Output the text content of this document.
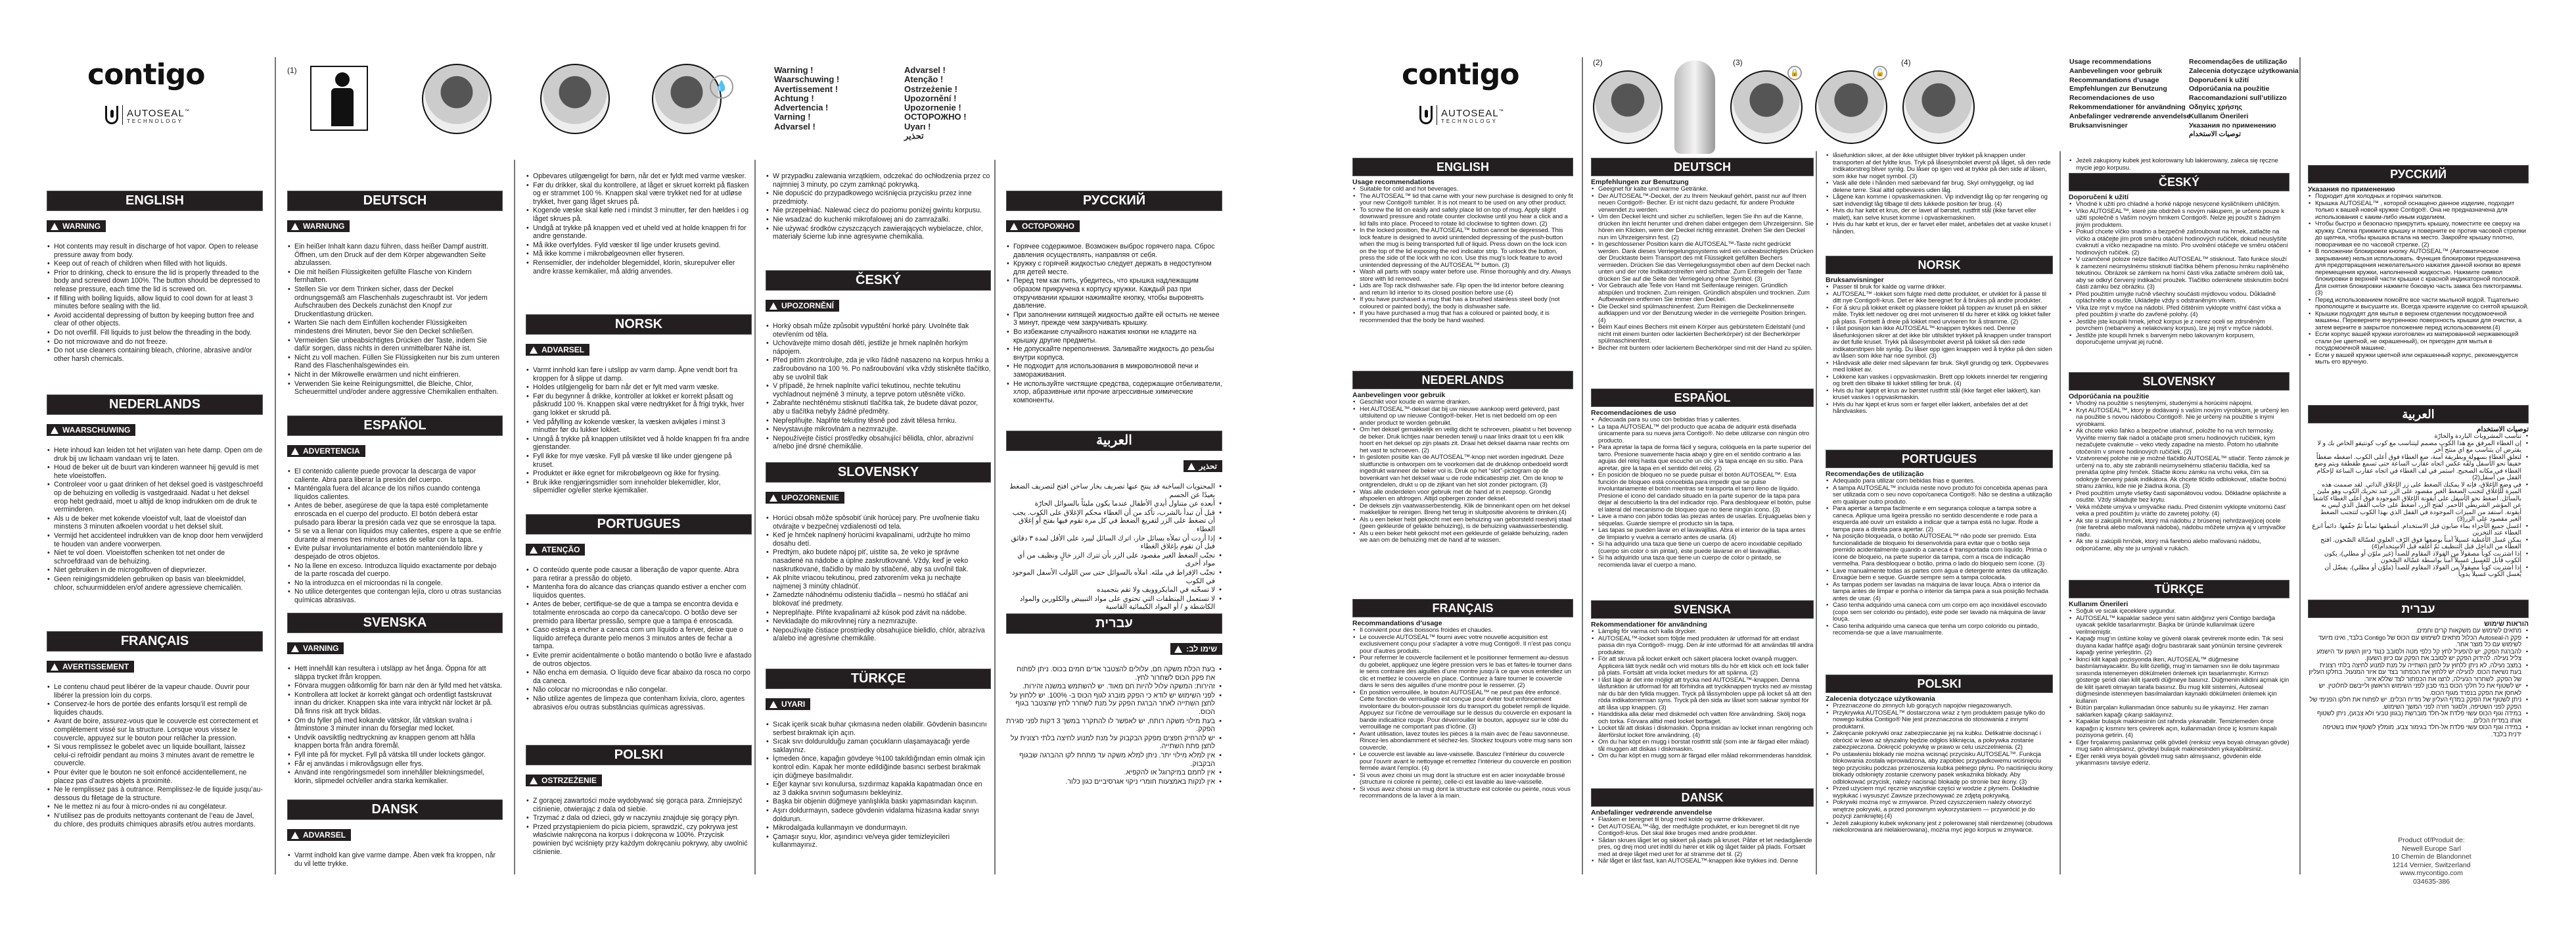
contigo
AUTOSEAL™
TECHNOLOGY
(1)
💧
Warning !
Waarschuwing !
Avertissement !
Achtung !
Advertencia !
Varning !
Advarsel !
Advarsel !
Atenção !
Ostrzeżenie !
Upozornění !
Upozornenie !
ОСТОРОЖНО !
Uyarı !
تحذير
contigo
AUTOSEAL™
TECHNOLOGY
(2)	(3)
🔒	🔓
(4)	Usage recommendations
Aanbevelingen voor gebruik
Recommandations d’usage
Empfehlungen zur Benutzung
Recomendaciones de uso
Rekommendationer för användning
Anbefalinger vedrørende anvendelse
Bruksanvisninger
Recomendações de utilização
Zalecenia dotyczące użytkowania
Doporučení k užití
Odporúčania na použitie
Raccomandazioni sull’utilizzo
Οδηγίες χρήσης
Kullanım Önerileri
Указания по применению
توصيات الاستخدام
ENGLISH
WARNING
• Hot contents may result in discharge of hot vapor. Open to release pressure away from body.
• Keep out of reach of children when filled with hot liquids.
• Prior to drinking, check to ensure the lid is properly threaded to the body and screwed down 100%. The button should be depressed to release pressure, each time the lid is screwed on.
• If filling with boiling liquids, allow liquid to cool down for at least 3 minutes before sealing with the lid.
• Avoid accidental depressing of button by keeping button free and clear of other objects.
• Do not overfill. Fill liquids to just below the threading in the body.
• Do not microwave and do not freeze.
• Do not use cleaners containing bleach, chlorine, abrasive and/or other harsh chemicals.
NEDERLANDS
WAARSCHUWING
• Hete inhoud kan leiden tot het vrijlaten van hete damp. Open om de druk bij uw lichaam vandaan vrij te laten.
• Houd de beker uit de buurt van kinderen wanneer hij gevuld is met hete vloeistoffen.
• Controleer voor u gaat drinken of het deksel goed is vastgeschroefd op de behuizing en volledig is vastgedraaid. Nadat u het deksel erop hebt gedraaid, moet u altijd de knop indrukken om de druk te verminderen.
• Als u de beker met kokende vloeistof vult, laat de vloeistof dan minstens 3 minuten afkoelen voordat u het deksel sluit.
• Vermijd het accidenteel indrukken van de knop door hem verwijderd te houden van andere voorwerpen.
• Niet te vol doen. Vloeistoffen schenken tot net onder de schroefdraad van de behuizing.
• Niet gebruiken in de microgolfoven of diepvriezer.
• Geen reinigingsmiddelen gebruiken op basis van bleekmiddel, chloor, schuurmiddelen en/of andere agressieve chemicaliën.
FRANÇAIS
AVERTISSEMENT
• Le contenu chaud peut libérer de la vapeur chaude. Ouvrir pour libérer la pression loin du corps.
• Conservez-le hors de portée des enfants lorsqu’il est rempli de liquides chauds.
• Avant de boire, assurez-vous que le couvercle est correctement et complètement vissé sur la structure. Lorsque vous vissez le couvercle, appuyez sur le bouton pour relâcher la pression.
• Si vous remplissez le gobelet avec un liquide bouillant, laissez celui-ci refroidir pendant au moins 3 minutes avant de remettre le couvercle.
• Pour éviter que le bouton ne soit enfoncé accidentellement, ne placez pas d’autres objets à proximité.
• Ne le remplissez pas à outrance. Remplissez-le de liquide jusqu’au-dessous du filetage de la structure.
• Ne le mettez ni au four à micro-ondes ni au congélateur.
• N’utilisez pas de produits nettoyants contenant de l’eau de Javel, du chlore, des produits chimiques abrasifs et/ou autres mordants.
DEUTSCH
WARNUNG
• Ein heißer Inhalt kann dazu führen, dass heißer Dampf austritt. Öffnen, um den Druck auf der dem Körper abgewandten Seite abzulassen.
• Die mit heißen Flüssigkeiten gefüllte Flasche von Kindern fernhalten.
• Stellen Sie vor dem Trinken sicher, dass der Deckel ordnungsgemäß am Flaschenhals zugeschraubt ist. Vor jedem Aufschrauben des Deckels zunächst den Knopf zur Druckentlastung drücken.
• Warten Sie nach dem Einfüllen kochender Flüssigkeiten mindestens drei Minuten, bevor Sie den Deckel schließen.
• Vermeiden Sie unbeabsichtigtes Drücken der Taste, indem Sie dafür sorgen, dass nichts in deren unmittelbarer Nähe ist.
• Nicht zu voll machen. Füllen Sie Flüssigkeiten nur bis zum unteren Rand des Flaschenhalsgewindes ein.
• Nicht in der Mikrowelle erwärmen und nicht einfrieren.
• Verwenden Sie keine Reinigungsmittel, die Bleiche, Chlor, Scheuermittel und/oder andere aggressive Chemikalien enthalten.
ESPAÑOL
ADVERTENCIA
• El contenido caliente puede provocar la descarga de vapor caliente. Abra para liberar la presión del cuerpo.
• Manténgala fuera del alcance de los niños cuando contenga líquidos calientes.
• Antes de beber, asegúrese de que la tapa esté completamente enroscada en el cuerpo del producto. El botón deberá estar pulsado para liberar la presión cada vez que se enrosque la tapa.
• Si se va a llenar con líquidos muy calientes, espere a que se enfríe durante al menos tres minutos antes de sellar con la tapa.
• Evite pulsar involuntariamente el botón manteniéndolo libre y despejado de otros objetos.
• No la llene en exceso. Introduzca líquido exactamente por debajo de la parte roscada del cuerpo.
• No la introduzca en el microondas ni la congele.
• No utilice detergentes que contengan lejía, cloro u otras sustancias químicas abrasivas.
SVENSKA
VARNING
• Hett innehåll kan resultera i utsläpp av het ånga. Öppna för att släppa trycket ifrån kroppen.
• Förvara muggen oåtkomlig för barn när den är fylld med het vätska.
• Kontrollera att locket är korrekt gängat och ordentligt fastskruvat innan du dricker. Knappen ska inte vara intryckt när locket är på. Då finns risk att tryck bildas.
• Om du fyller på med kokande vätskor, låt vätskan svalna i åtminstone 3 minuter innan du förseglar med locket.
• Undvik oavsiktlig nedtryckning av knappen genom att hålla knappen borta från andra föremål.
• Fyll inte på för mycket. Fyll på vätska till under lockets gängor.
• Får ej användas i mikrovågsugn eller frys.
• Använd inte rengöringsmedel som innehåller blekningsmedel, klorin, slipmedel och/eller andra starka kemikalier.
DANSK
ADVARSEL
• Varmt indhold kan give varme dampe. Åben væk fra kroppen, når du vil lette trykke.
• Opbevares utilgængeligt for børn, når det er fyldt med varme væsker.
• Før du drikker, skal du kontrollere, at låget er skruet korrekt på flasken og er strammet 100 %. Knappen skal være trykket ned for at udløse trykket, hver gang låget skrues på.
• Kogende væske skal køle ned i mindst 3 minutter, før den hældes i og låget skrues på.
• Undgå at trykke på knappen ved et uheld ved at holde knappen fri for andre genstande.
• Må ikke overfyldes. Fyld væsker til lige under krusets gevind.
• Må ikke komme i mikrobølgeovnen eller fryseren.
• Rensemidler, der indeholder blegemiddel, klorin, skurepulver eller andre krasse kemikalier, må aldrig anvendes.
NORSK
ADVARSEL
• Varmt innhold kan føre i utslipp av varm damp. Åpne vendt bort fra kroppen for å slippe ut damp.
• Holdes utilgjengelig for barn når det er fylt med varm væske.
• Før du begynner å drikke, kontroller at lokket er korrekt påsatt og påskrudd 100 %. Knappen skal være nedtrykket for å frigi trykk, hver gang lokket er skrudd på.
• Ved påfylling av kokende væsker, la væsken avkjøles i minst 3 minutter før du lukker lokket.
• Unngå å trykke på knappen utilsiktet ved å holde knappen fri fra andre gjenstander.
• Fyll ikke for mye væske. Fyll på væske til like under gjengene på kruset.
• Produktet er ikke egnet for mikrobølgeovn og ikke for frysing.
• Bruk ikke rengjøringsmidler som inneholder blekemidler, klor, slipemidler og/eller sterke kjemikalier.
PORTUGUES
ATENÇÃO
• O conteúdo quente pode causar a liberação de vapor quente. Abra para retirar a pressão do objeto.
• Mantenha fora do alcance das crianças quando estiver a encher com líquidos quentes.
• Antes de beber, certifique-se de que a tampa se encontra devida e totalmente enroscada ao corpo da caneca/copo. O botão deve ser premido para libertar pressão, sempre que a tampa é enroscada.
• Caso esteja a encher a caneca com um líquido a ferver, deixe que o líquido arrefeça durante pelo menos 3 minutos antes de fechar a tampa.
• Evite premir acidentalmente o botão mantendo o botão livre e afastado de outros objectos.
• Não encha em demasia. O líquido deve ficar abaixo da rosca no corpo da caneca.
• Não colocar no microondas e não congelar.
• Não utilize agentes de limpeza que contenham lixívia, cloro, agentes abrasivos e/ou outras substâncias químicas agressivas.
POLSKI
OSTRZEŻENIE
• Z gorącej zawartości może wydobywać się gorąca para. Zmniejszyć ciśnienie, otwierając z dala od siebie.
• Trzymać z dala od dzieci, gdy w naczyniu znajduje się gorący płyn.
• Przed przystąpieniem do picia piciem, sprawdzić, czy pokrywa jest właściwie nakręcona na korpus i dokręcona w 100%. Przycisk powinien być wciśnięty przy każdym dokręcaniu pokrywy, aby uwolnić ciśnienie.
• W przypadku zalewania wrzątkiem, odczekać do ochłodzenia przez co najmniej 3 minuty, po czym zamknąć pokrywką.
• Nie dopuścić do przypadkowego wciśnięcia przycisku przez inne przedmioty.
• Nie przepełniać. Nalewać ciecz do poziomu poniżej gwintu korpusu.
• Nie wsadzać do kuchenki mikrofalowej ani do zamrażalki.
• Nie używać środków czyszczących zawierających wybielacze, chlor, materiały ścierne lub inne agresywne chemikalia.
ČESKÝ
UPOZORNĚNÍ
• Horký obsah může způsobit vypuštění horké páry. Uvolněte tlak otevřením od těla.
• Uchovávejte mimo dosah dětí, jestliže je hrnek naplněn horkým nápojem.
• Před pitím zkontrolujte, zda je víko řádně nasazeno na korpus hrnku a zašroubováno na 100 %. Po našroubování víka vždy stiskněte tlačítko, aby se uvolnil tlak
• V případě, že hrnek naplníte vařící tekutinou, nechte tekutinu vychladnout nejméně 3 minuty, a teprve potom utěsněte víčko.
• Zabraňte nechtěnému stisknutí tlačítka tak, že budete dávat pozor, aby u tlačítka nebyly žádné předměty.
• Nepřeplňujte. Naplňte tekutiny těsně pod závit tělesa hrnku.
• Nevystavujte mikrovlnám a nezmrazujte.
• Nepoužívejte čisticí prostředky obsahující bělidla, chlor, abrazivní a/nebo jiné drsné chemikálie.
SLOVENSKY
UPOZORNENIE
• Horúci obsah môže spôsobiť únik horúcej pary. Pre uvoľnenie tlaku otvárajte v bezpečnej vzdialenosti od tela.
• Keď je hrnček naplnený horúcimi kvapalinami, udržujte ho mimo dosahu detí.
• Predtým, ako budete nápoj piť, uistite sa, že veko je správne nasadené na nádobe a úplne zaskrutkované. Vždy, keď je veko naskrutkované, tlačidlo by malo by stlačené, aby sa uvoľnil tlak.
• Ak plníte vriacou tekutinou, pred zatvorením veka ju nechajte najmenej 3 minúty chladnúť.
• Zamedzte náhodnému odisteniu tlačidla – nesmú ho stláčať ani blokovať iné predmety.
• Nepreplňajte. Plňte kvapalinami až kúsok pod závit na nádobe.
• Nevkladajte do mikrovlnnej rúry a nezmrazujte.
• Nepoužívajte čistiace prostriedky obsahujúce bielidlo, chlór, abrazíva a/alebo iné agresívne chemikálie.
TÜRKÇE
UYARI
• Sıcak içerik sıcak buhar çıkmasına neden olabilir. Gövdenin basıncını serbest bırakmak için açın.
• Sıcak sıvı doldurulduğu zaman çocukların ulaşamayacağı yerde saklayınız.
• İçmeden önce, kapağın gövdeye %100 takıldığından emin olmak için kontrol edin. Kapak her monte edildiğinde basıncı serbest bırakmak için düğmeye basılmalıdır.
• Eğer kaynar sıvı konulursa, sızdırmaz kapakla kapatmadan önce en az 3 dakika sıvının soğumasını bekleyiniz.
• Başka bir objenin düğmeye yanlışlıkla baskı yapmasından kaçının.
• Aşırı doldurmayın, sadece gövdenin vidalama hizasına kadar sıvıyı doldurun.
• Mikrodalgada kullanmayın ve dondurmayın.
• Çamaşır suyu, klor, aşındırıcı ve/veya gider temizleyicileri kullanmayınız.
РУССКИЙ
ОСТОРОЖНО
• Горячее содержимое. Возможен выброс горячего пара. Сброс давления осуществлять, направляя от себя.
• Кружку с горячей жидкостью следует держать в недоступном для детей месте.
• Перед тем как пить, убедитесь, что крышка надлежащим образом прикручена к корпусу кружки. Каждый раз при откручивании крышки нажимайте кнопку, чтобы выровнять давление.
• При заполнении кипящей жидкостью дайте ей остыть не менее 3 минут, прежде чем закручивать крышку.
• Во избежание случайного нажатия кнопки не кладите на крышку другие предметы.
• Не допускайте переполнения. Заливайте жидкость до резьбы внутри корпуса.
• Не подходит для использования в микроволновой печи и замораживания.
• Не используйте чистящие средства, содержащие отбеливатели, хлор, абразивные или прочие агрессивные химические компоненты.
العربية
تحذير
• المحتويات الساخنة قد ينتج عنها تصريف بخار ساخن افتح لتصريف الضغط بعيدًا عن الجسم
• أبعده عن متناول أيدي الأطفال عندما يكون مليئاً بالسوائل الحارّة
• قبل أن تبدأ بالشرب، تأكد من أن الغطاء محكم الإغلاق على الكوب. يجب أن تضغط على الزر لتفريغ الضغط في كل مرة تقوم فيها بفتح أو إغلاق الغطاء
• إذا أردت أن تملأه بسائل حار، اترك السائل ليبرد على الأقل لمدة ٣ دقائق قبل أن تقوم بإغلاق الغطاء
• تجنّب الضغط الغير مقصود على الزر بأن تترك الزر خالٍ ونظيف من أي مواد أخرى
• تجنّب الإفراط في ملئه. املأه بالسوائل حتى سن اللولب الأسفل الموجود في الكوب
• لا تسخّنه في المايكروويف ولا تقم بتجميده
• لا تستعمل المنظفات التي تحتوي على مواد التبييض والكلورين والمواد الكاشطة و / أو المواد الكيمائية القاسية
עברית
שימו לב:
• בעת הכלת משקה חם, עלולים להצטבר אדים חמים בכוס. ניתן לפתוח את פקק הכוס לשחרור לחץ.
• זהירות: המשקה עלול להיות חם מאוד. יש להשתמש במשנה זהירות.
• לפני השימוש יש לודא כי הפקק מוברג לגוף הכוס ב- 100%. יש ללחוץ על לחצן השתייה לאחר הברגת הפקק על מנת לשחרר לחץ שהצטבר בגוף הכוס.
• בעת מילוי משקה רותח, יש לאפשר לו להתקרר במשך 3 דקות לפני סגירת הפקק.
• יש להרחיק חפצים מפקק הבקבוק על מנת למנוע לחיצה בלתי רצונית על לחצן פתח השתייה.
• אין למלא מילוי יתר. ניתן למלא משקה עד מתחת לקו ההברגה שבגוף הבקבוק.
• אין לחמם במיקרוגל או להקפיא.
• אין לנקות באמצעות חומרי ניקוי אגרסיביים כגון כלור.
ENGLISH
Usage recommendations
• Suitable for cold and hot beverages.
• The AUTOSEAL™ lid that came with your new purchase is designed to only fit your new Contigo® tumbler. It is not meant to be used on any other product.
• To screw the lid on easily and safely place lid on top of mug. Apply slight downward pressure and rotate counter clockwise until you hear a click and a lid falls into place. Proceed to rotate lid clockwise to tighten down. (2)
• In the locked position, the AUTOSEAL™ button cannot be depressed. This lock feature is designed to avoid unintended depressing of the push-button when the mug is being transported full of liquid. Press down on the lock icon on the top of the lid exposing the red indicator strip. To unlock the button, press the side of the lock with no icon. Use this mug’s lock feature to avoid unintended depressing of the AUTOSEAL™ button. (3)
• Wash all parts with soapy water before use. Rinse thoroughly and dry. Always store with lid removed.
• Lids are Top rack dishwasher safe. Flip open the lid interior before cleaning and return lid interior to its closed position before use (4)
• If you have purchased a mug that has a brushed stainless steel body (not coloured or painted body), the body is dishwasher safe.
• If you have purchased a mug that has a coloured or painted body, it is recommended that the body be hand washed.
NEDERLANDS
Aanbevelingen voor gebruik
• Geschikt voor koude en warme dranken.
• Het AUTOSEAL™-deksel dat bij uw nieuwe aankoop werd geleverd, past uitsluitend op uw nieuwe Contigo®-beker. Het is niet bedoeld om op een ander product te worden gebruikt.
• Om het deksel gemakkelijk en veilig dicht te schroeven, plaatst u het bovenop de beker. Druk lichtjes naar beneden terwijl u naar links draait tot u een klik hoort en het deksel op zijn plaats zit. Draai het deksel daarna naar rechts om het vast te schroeven. (2)
• In gesloten positie kan de AUTOSEAL™-knop niet worden ingedrukt. Deze sluitfunctie is ontworpen om te voorkomen dat de drukknop onbedoeld wordt ingedrukt wanneer de beker vol is. Druk op het “slot”-pictogram op de bovenkant van het deksel waar u de rode indicatiestrip ziet. Om de knop te ontgrendelen, drukt u op de zijkant van het slot zonder pictogram. (3)
• Was alle onderdelen voor gebruik met de hand af in zeepsop. Grondig afspoelen en afdrogen. Altijd opbergen zonder deksel.
• De deksels zijn vaatwasserbestendig. Klik de binnenkant open om het deksel makkelijker te reinigen. Breng het terug in sluitpositie alvorens te drinken.(4)
• Als u een beker hebt gekocht met een behuizing van geborsteld roestvrij staal (geen gekleurde of gelakte behuizing), is de behuizing vaatwasserbestendig.
• Als u een beker hebt gekocht met een gekleurde of gelakte behuizing, raden we aan om de behuizing met de hand af te wassen.
FRANÇAIS
Recommandations d’usage
• Il convient pour des boissons froides et chaudes.
• Le couvercle AUTOSEAL™ fourni avec votre nouvelle acquisition est exclusivement conçu pour s’adapter à votre mug Contigo®. Il n’est pas conçu pour d’autres produits.
• Pour refermer le couvercle facilement et le positionner fermement au-dessus du gobelet, appliquez une légère pression vers le bas et faites-le tourner dans le sens contraire des aiguilles d’une montre jusqu’à ce que vous entendiez un clic et mettiez le couvercle en place. Continuez à faire tourner le couvercle dans le sens des aiguilles d’une montre pour le resserrer. (2)
• En position verrouillée, le bouton AUTOSEAL™ ne peut pas être enfoncé. Cette fonction de verrouillage est conçue pour éviter tout enfoncement involontaire du bouton-poussoir lors du transport du gobelet rempli de liquide. Appuyez sur l’icône de verrouillage sur le dessus du couvercle en exposant la bande indicatrice rouge. Pour déverrouiller le bouton, appuyez sur le côté du verrouillage ne comportant pas d’icône. (3)
• Avant utilisation, lavez toutes les pièces à la main avec de l’eau savonneuse. Rincez-les abondamment et séchez-les. Stockez toujours votre mug sans son couvercle.
• Le couvercle est lavable au lave-vaisselle. Basculez l’intérieur du couvercle pour l’ouvrir avant le nettoyage et remettez l’intérieur du couvercle en position fermée avant l’emploi. (4)
• Si vous avez choisi un mug dont la structure est en acier inoxydable brossé (structure ni colorée ni peinte), celle-ci est lavable au lave-vaisselle.
• Si vous avez choisi un mug dont la structure est colorée ou peinte, nous vous recommandons de la laver à la main.
DEUTSCH
Empfehlungen zur Benutzung
• Geeignet für kalte und warme Getränke.
• Der AUTOSEAL™-Deckel, der zu Ihrem Neukauf gehört, passt nur auf Ihren neuen Contigo®- Becher. Er ist nicht dazu gedacht, für andere Produkte verwendet zu werden.
• Um den Deckel leicht und sicher zu schließen, legen Sie ihn auf die Kanne, drücken ihn leicht herunter und drehen dabei entgegen dem Uhrzeigersinn. Sie hören ein Klicken, wenn der Deckel richtig einrastet. Drehen Sie den Deckel nun im Uhrzeigersinn fest. (2)
• In geschlossener Position kann die AUTOSEAL™-Taste nicht gedrückt werden. Dank dieses Verriegelungssystems wird ein unbeabsichtigtes Drücken der Drucktaste beim Transport des mit Flüssigkeit gefüllten Bechers vermieden. Drücken Sie das Verriegelungssymbol oben auf dem Deckel nach unten und der rote Indikatorstreifen wird sichtbar. Zum Entriegeln der Taste drücken Sie auf die Seite der Verriegelung ohne Symbol. (3)
• Vor Gebrauch alle Teile von Hand mit Seifenlauge reinigen. Gründlich abspülen und trocknen. Zum reinigen. Gründlich abspülen und trocknen. Zum Aufbewahren entfernen Sie immer den Deckel.
• Die Deckel sind spülmaschinenfest. Zum Reinigen die Deckelinnenseite aufklappen und vor der Benutzung wieder in die verriegelte Position bringen. (4)
• Beim Kauf eines Bechers mit einem Körper aus gebürstetem Edelstahl (und nicht mit einem bunten oder lackierten Becherkörper) ist der Becherkörper spülmaschinenfest.
• Becher mit buntem oder lackiertem Becherkörper sind mit der Hand zu spülen.
ESPAÑOL
Recomendaciones de uso
• Adecuada para su uso con bebidas frías y calientes.
• La tapa AUTOSEAL™ del producto que acaba de adquirir está diseñada únicamente para su nueva jarra Contigo®. No debe utilizarse con ningún otro producto.
• Para apretar la tapa de forma fácil y segura, colóquela en la parte superior del tarro. Presione suavemente hacia abajo y gire en el sentido contrario a las agujas del reloj hasta que escuche un clic y la tapa encaje en su sitio. Para apretar, gire la tapa en el sentido del reloj. (2)
• En posición de bloqueo no se puede pulsar el botón AUTOSEAL™. Esta función de bloqueo está concebida para impedir que se pulse involuntariamente el botón mientras se transporta el tarro lleno de líquido. Presione el icono del candado situado en la parte superior de la tapa para dejar al descubierto la tira del indicador rojo. Para desbloquear el botón, pulse el lateral del mecanismo de bloqueo que no tiene ningún icono. (3)
• Lave a mano con jabón todas las piezas antes de usarlas. Enjuáguelas bien y séquelas. Guarde siempre el producto sin la tapa.
• Las tapas se pueden lavar en el lavavajillas. Abra el interior de la tapa antes de limpiarlo y vuelva a cerrarlo antes de usarla. (4)
• Si ha adquirido una taza que tiene un cuerpo de acero inoxidable cepillado (cuerpo sin color o sin pintar), este puede lavarse en el lavavajillas.
• Si ha adquirido una taza que tiene un cuerpo de color o pintado, se recomienda lavar el cuerpo a mano.
SVENSKA
Rekommendationer för användning
• Lämplig för varma och kalla drycker.
• AUTOSEAL™-locket som följde med produkten är utformad för att endast passa din nya Contigo®- mugg. Den är inte utformad för att användas till andra produkter.
• För att skruva på locket enkelt och säkert placera locket ovanpå muggen. Applicera lätt tryck nedåt och vrid moturs tills du hör ett klick och ett lock faller på plats. Fortsätt att vrida locket medurs för att spänna. (2)
• I låst läge är det inte möjligt att trycka ned AUTOSEAL™-knappen. Denna låsfunktion är utformad för att förhindra att tryckknappen trycks ned av misstag när du bär den fyllda muggen. Tryck på låssymbolen uppe på locket så att den röda indikatorremsan syns. Tryck på den sida av låset som saknar symbol för att låsa upp knappen. (3)
• Handdiska alla delar med diskmedel och vatten före användning. Skölj noga och torka. Förvara alltid med locket borttaget.
• Locket tål att diskas i diskmaskin. Öppna insidan av locket innan rengöring och återförslut locket före användning. (4)
• Om du har köpt en mugg i borstat rostfritt stål (som inte är färgad eller målad) tål muggen att diskas i diskmaskin.
• Om du har köpt en mugg som är färgad eller målad rekommenderas handdisk.
DANSK
Anbefalinger vedrørende anvendelse
• Flasken er beregnet til brug med kolde og varme drikkevarer.
• Det AUTOSEAL™-låg, der medfulgte produktet, er kun beregnet til dit nye Contigo®-krus. Det skal ikke bruges med andre produkter.
• Sådan skrues låget let og sikkert på plads på kruset. Påfør et let nedadgående pres, og drej mod uret indtil du hører et klik og låget falder på plads. Fortsæt med at dreje låget med uret for at stramme det til. (2)
• Når låget er låst fast, kan AUTOSEAL™-knappen ikke trykkes ind. Denne
• låsefunktion sikrer, at der ikke utilsigtet bliver trykket på knappen under transporten af det fyldte krus. Tryk på låsesymbolet øverst på låget, så den røde indikatorstreg bliver synlig. Du låser op igen ved at trykke på den side af låsen, som ikke har noget symbol. (3)
• Vask alle dele i hånden med sæbevand før brug. Skyl omhyggeligt, og lad delene tørre. Skal altid opbevares uden låg.
• Lågene kan komme i opvaskemaskinen. Vip indvendigt låg op før rengøring og sæt indvendigt låg tilbage til dets lukkede position før brug. (4)
• Hvis du har købt et krus, der er lavet af børstet, rustfrit stål (ikke farvet eller malet), kan selve kruset komme i opvaskemaskinen.
• Hvis du har købt et krus, der er farvet eller malet, anbefales det at vaske kruset i hånden.
NORSK
Bruksanvisninger
• Passer til bruk for kalde og varme drikker.
• AUTOSEAL™ -lokket som fulgte med dette produktet, er utviklet for å passe til ditt nye Contigo®-krus. Det er ikke beregnet for å brukes på andre produkter.
• For å skru på lokket enkelt og plassere lokket på toppen av kruset på en sikker måte. Trykk lett nedover og drei mot urviseren til du hører et klikk og lokket faller på plass. Fortsett å dreie på lokket med urviseren for å stramme. (2)
• I låst posisjon kan ikke AUTOSEAL™-knappen trykkes ned. Denne låsefunksjonen sikrer at det ikke blir utilsiktet trykket på knappen under transport av det fulle kruset. Trykk på låsesymbolet øverst på lokket så den røde indikatorstripen blir synlig. Du låser opp igjen knappen ved å trykke på den siden av låsen som ikke har noe symbol. (3)
• Håndvask alle deler med såpevann før bruk. Skyll grundig og tørk. Oppbevares med lokket av.
• Lokkene kan vaskes i oppvaskmaskin. Brett opp lokkets innerdel før rengjøring og brett den tilbake til lukket stilling før bruk. (4)
• Hvis du har kjøpt et krus av børstet rustfritt stål (ikke farget eller lakkert), kan kruset vaskes i oppvaskmaskin.
• Hvis du har kjøpt et krus som er farget eller lakkert, anbefales det at det håndvaskes.
PORTUGUES
Recomendações de utilização
• Adequado para utilizar com bebidas frias e quentes.
• A tampa AUTOSEAL™ incluída neste novo produto foi concebida apenas para ser utilizada com o seu novo copo/caneca Contigo®. Não se destina a utilização em qualquer outro produto.
• Para apertar a tampa facilmente e em segurança coloque a tampa sobre a caneca. Aplique uma ligeira pressão no sentido descendente e rode para a esquerda até ouvir um estalido a indicar que a tampa está no lugar. Rode a tampa para a direita para apertar. (2)
• Na posição bloqueada, o botão AUTOSEAL™ não pode ser premido. Esta funcionalidade de bloqueio foi desenvolvida para evitar que o botão seja premido acidentalmente quando a caneca é transportada com líquido. Prima o ícone de bloqueio, na parte superior da tampa, com a risca de indicação vermelha. Para desbloquear o botão, prima o lado do bloqueio sem ícone. (3)
• Lave manualmente todas as partes com água e detergente antes da utilização. Enxagúe bem e seque. Guarde sempre sem a tampa colocada.
• As tampas podem ser lavadas na máquina de lavar louça. Abra o interior da tampa antes de limpar e ponha o interior da tampa para a sua posição fechada antes de usar. (4)
• Caso tenha adquirido uma caneca com um corpo em aço inoxidável escovado (copo sem ser colorido ou pintado), este pode ser lavado na máquina de lavar louça.
• Caso tenha adquirido uma caneca que tenha um corpo colorido ou pintado, recomenda-se que a lave manualmente.
POLSKI
Zalecenia dotyczące użytkowania
• Przeznaczone do zimnych lub gorących napojów niegazowanych.
• Przykrywka AUTOSEAL™ dostarczona wraz z tym produktem pasuje tylko do nowego kubka Contigo® Nie jest przeznaczona do stosowania z innymi produktami.
• Zakręcanie pokrywki oraz zabezpieczanie jej na kubku. Delikatnie docisnąć i obrócić w lewo aż słyszalny będzie odgłos kliknięcia, a pokrywka zostanie zabezpieczona. Dokręcić pokrywkę w prawo w celu uszczelnienia. (2)
• Po ustawieniu blokady nie można wcisnąć przycisku AUTOSEAL™. Funkcja blokowania została wprowadzona, aby zapobiec przypadkowemu wciśnięciu tego przycisku podczas przenoszenia kubka pełnego płynu. Po naciśnięciu ikony blokady odsłonięty zostanie czerwony pasek wskaźnika blokady. Aby odblokować przycisk, należy nacisnąć blokadę po stronie bez ikony. (3)
• Przed użyciem myć ręcznie wszystkie części w wodzie z płynem. Dokładnie wypłukać i wysuszyć Zawsze przechowywać ze zdjętą pokrywką.
• Pokrywki można myć w zmywarce. Przed czyszczeniem należy otworzyć wnętrze pokrywki, a przed ponownym wykorzystaniem — przywrócić je do pozycji zamkniętej.(4)
• Jeżeli zakupiony kubek wykonany jest z polerowanej stali nierdzewnej (obudowa niekolorowana ani nielakierowana), można myć jego korpus w zmywarce.
• Jeżeli zakupiony kubek jest kolorowany lub lakierowany, zaleca się ręczne mycie jego korpusu.
ČESKÝ
Doporučení k užití
• Vhodné k užití pro chladné a horké nápoje nesycené kysličníkem uhličitým.
• Víko AUTOSEAL™, které jste obdrželi s novým nákupem, je určeno pouze k užití společně s Vaším novým hrnkem Contigo®. Nelze jej použít s žádným jiným produktem.
• Pokud chcete víčko snadno a bezpečně zašroubovat na hrnek, zatlačte na víčko a otáčejte jím proti směru otáčení hodinových ručiček, dokud neuslyšíte cvaknutí a víčko nezapadne na místo. Pro uvolnění otáčejte ve směru otáčení hodinových ručiček. (2)
• V uzamčené poloze nelze tlačítko AUTOSEAL™ stisknout. Tato funkce slouží k zamezení neúmyslnému stisknutí tlačítka během přenosu hrnku naplněného tekutinou. Obrázek se zámkem na horní části víka zatlačte směrem dolů tak, aby se odkryl červený indikační proužek. Tlačítko odemknete stisknutím boční části zámku bez obrázku. (3)
• Před použitím umyjte ručně všechny součásti mýdlovou vodou. Důkladně opláchněte a osušte. Ukládejte vždy s odstraněným víkem.
• Víka lze mýt v myčce na nádobí. Před čištěním vyklopte vnitřní část víčka a před použitím ji vraťte do zavřené polohy. (4)
• Jestliže jste koupili hrnek, jehož korpus je z nerez oceli se zdrsněným povrchem (nebarvený a nelakovaný korpus), lze jej mýt v myčce nádobí.
• Jestliže jste koupili hrnek s barveným nebo lakovaným korpusem, doporučujeme umývat jej ručně.
SLOVENSKY
Odporúčania na použitie
• Vhodný na použitie s nesýtenými, studenými a horúcimi nápojmi.
• Kryt AUTOSEAL™, ktorý je dodávaný s vaším novým výrobkom, je určený len na použitie s novou nádobou Contigo®. Nie je určený na použitie s inými výrobkami.
• Ak chcete veko ľahko a bezpečne utiahnuť, položte ho na vrch termosky. Vyviňte mierny tlak nadol a otáčajte proti smeru hodinových ručičiek, kým nezačujete cvaknutie – veko vtedy zapadne na miesto. Potom ho utiahnite otočením v smere hodinových ručičiek. (2)
• Vzatvorenej polohe nie je možné tlačidlo AUTOSEAL™ stlačiť. Tento zámok je určený na to, aby ste zabránili neúmyselnému stlačeniu tlačidla, keď sa prenáša úplne plný hrnček. Stlačte ikonu zámku na vrchu veka, čím sa odokryje červený pásik indikátora. Ak chcete tlčidlo odblokovať, stlačte bočnú stranu zámku, kde nie je žiadna ikona. (3)
• Pred použitím umyte všetky časti saponátovou vodou. Dôkladne opláchnite a osušte. Vždy skladujte bez krytu.
• Veká môžete umýva v umývačke riadu. Pred čistením vyklopte vnútornú časť veka a pred použitím ju vráťte do zavretej polohy. (4)
• Ak ste si zakúpili hrnček, ktorý má nádobu z brúsenej nehrdzavejúcej ocele (nie farebná alebo maľovaná nádoba), nádobu môžete umýva aj v umývačke riadu.
• Ak ste si zakúpili hrnček, ktorý má farebnú alebo maľovanú nádobu, odporúčame, aby ste ju umývali v rukách.
TÜRKÇE
Kullanım Önerileri
• Soğuk ve sıcak içeceklere uygundur.
• AUTOSEAL™ kapaklar sadece yeni satın aldığınız yeni Contigo bardağa uyacak şekilde tasarlanmıştır. Başka bir üründe kullanılmak üzere verilmemiştir.
• Kapağı mug’ın üstüne kolay ve güvenli olarak çevirerek monte edin. Tık sesi duyana kadar hafifçe aşağı doğru bastırarak saat yönünün tersine çevirerek kapağı yerine yerleştirin. (2)
• İkinci kilit kapalı pozisyonda iken, AUTOSEAL™ düğmesine bastırılamayacaktır. Bu kilit özelliği, mug’ın tamamen sıvı ile dolu taşınması sırasında istenemeyen dökülmeleri önlemek için tasarlanmıştır. Kırmızı gösterge şeridi olan kilit işaretli düğmeye basınız. Düğmenin kilidini açmak için de kilit işareti olmayan tarafa basınız. Bu mug kilit sistemini, Autoseal düğmesinde istenmeyen basılmalardan kaynaklı dökülmeleri önlemek için kullanın
• Bütün parçaları kullanmadan önce sabunlu su ile yıkayınız. Her zaman saklarken kapağı çıkarıp saklayınız.
• Kapaklar bulaşık makinesinin üst rafında yıkanabilir. Temizlemeden önce kapağın iç kısmını ters çevirerek açın, kullanmadan önce iç kısmını kapalı pozisyona getirin. (4)
• Eğer fırçalanmış paslanmaz çelik gövdeli (renksiz veya boyalı olmayan gövde) mug satın almışsanız, gövdeyi bulaşık makinesinden yıkayabilirsiniz.
• Eğer renkli veya boyalı gövdeli mug satın almışsanız, gövdenin elde yıkanmasını tavsiye ederiz.
РУССКИЙ
Указания по применению
• Подходит для холодных и горячих напитков.
• Крышка AUTOSEAL™ , которой оснащено данное изделие, подходит только к вашей новой кружке Contigo®. Она не предназначена для использования с каким-либо иным изделием.
• Чтобы быстро и безопасно прикрутить крышку, поместите ее сверху на кружку. Слегка прижмите крышку и поверните ее против часовой стрелки до щелчка, чтобы крышка встала на место. Закройте крышку плотно, поворачивая ее по часовой стрелке. (2)
• В положении блокировки кнопку AUTOSEAL™ (Автоматическое закрывание) нельзя использовать. Функция блокировки предназначена для предотвращения нежелательного нажатия данной кнопки во время перемещения кружки, наполненной жидкостью. Нажмите символ блокировки в верхней части крышки с красной индикаторной полоской. Для снятия блокировки нажмите боковую часть замка без пиктограммы. (3)
• Перед использованием помойте все части мыльной водой. Тщательно прополощите и высушите их. Всегда храните изделие со снятой крышкой.
• Крышки подходят для мытья в верхнем отделении посудомоечной машины. Переверните внутреннюю поверхность крышки для очистки, а затем верните в закрытое положение перед использованием.(4)
• Если корпус вашей кружки изготовлен из матированной нержавеющей стали (не цветной, не окрашенный), он пригоден для мытья в посудомоечной машине.
• Если у вашей кружки цветной или окрашенный корпус, рекомендуется мыть его вручную.
العربية
توصيات الاستخدام
• تناسب المشروبات الباردة والحارّة
• إن الغطاء المرفق مع هذا الكوب مصمم ليتناسب مع كوب كونتيقو الخاص بك و لا يفترض ان يتناسب مع اي منتج آخر
• لتغلق الغطاء بسهولة وبطريقة آمنة، ضع الغطاء فوق أعلى الكوب. اضغطه ضغطاً خفيفاً نحو الأسفل ولفّه عكس اتجاه عقارب الساعة حتى تسمع طقطقة ويتم وضع الغطاء في مكانه الصحيح. استمر في لف الغطاء في اتجاه عقارب الساعة لإحكام القفل من أسفل(2)
• في وضع الإغلاق، فإنه لا يمكنك الضغط على زر الإغلاق الذاتي. لقد صممت هذه الميزة للإغلاق لتجنب الضغط الغير مقصود على الزر عند تحريك الكوب وهو مليئ بالسائل. اضغط نحو الأسفل على أيقونة الإغلاق الموجودة فوق أعلى الغطاء كاشفاً عن المؤشر الشريطي الأحمر. لفتح الزر، اضغط على جانب القفل الذي ليس به أيقونة. استفد من الميزات الموجودة في القفل الذي بهذا الكوب لتتجنب الضغط الغير مقصود على الزر(3)
• اغسل جميع الأجزاء بماء صابون قبل الاستخدام. أشطفها تماماً ثمّ جفّفها. دائماً انزع الغطاء عند التخزين
• يمكن غسل الأغطية غسيلاً آمناً بوضعها فوق الرّف العلوي لغسّالة الصّحون. افتح الغطاء من الداخل قبل التنظيف ثمّ أغلقه قبل الاستخدام(4)
• إذا اشتريت كوباً مصقولاً من الفولاذ المقاوم للصدأ (غير ملوّن أو مطلي)، يكون الكوب قابل للغسيل غسيلاً آمناً بواسطة غسّالة الصّحون
• إذا اشتريت كوباً مصقولاً من الفولاذ المقاوم للصدأ (ملوّن أو مطلي)، يفضّل أن يُغسل الكوب غسيلاً يدوياً
עברית
הוראות שימוש
• מתאים לשימוש עם משקאות קרים וחמים.
• פקק ה-Autoseal הכלול מתאים לשימוש עם הכוס של Contigo בלבד, ואינו מיועד לשימוש עם כל מוצר אחר.
• להברגת הפקק, יש להפעיל לחץ קל כלפי מטה ולסובב כנגד כיוון השעון עד הישמע צליל נעילה. להידוק הפקק יש לסובב את הפקק עם כיוון השעון.
• במצב נעילה, לא ניתן ללחוץ על לחצן השתייה על מנת למנוע לחיצה בלתי רצונית בעת נשיאת הכוס. לנעילה יש ללחוץ את הכפתור בצד עם איור המנעול. בחלקו העליון של הפקק. לשחרור הנעילה, לחצו את הכפתור לצד שללא איור.
• יש לשטוף את כל חלקי הכוס במי סבון לפני השימוש הראשון ולייבשם לחלוטין. יש לאחסן את הפקק בנפרד מגוף הכוס.
• ניתן לשטוף את הפקק במדף העליון של מדיח הכלים. יש לפתוח את חלקו הפנימי של הפקק לפני השטיפה, ולסגור חזרה לפני המשך השימוש.
• במידה וגוף הכוס עשוי פלדת אל-חלד מוברשת (בגוון טבעי ולא צבוע), ניתן לשטוף אותו במדיח הכלים.
• במידה וגוף הכוס עשוי פלדת אל-חלד בגימור צבע, מומלץ לשטוף אותו בשטיפה ידנית בלבד.
Product of/Produit de:
Newell Europe Sarl
10 Chemin de Blandonnet
1214 Vernier, Switzerland
www.mycontigo.com
034635-386
